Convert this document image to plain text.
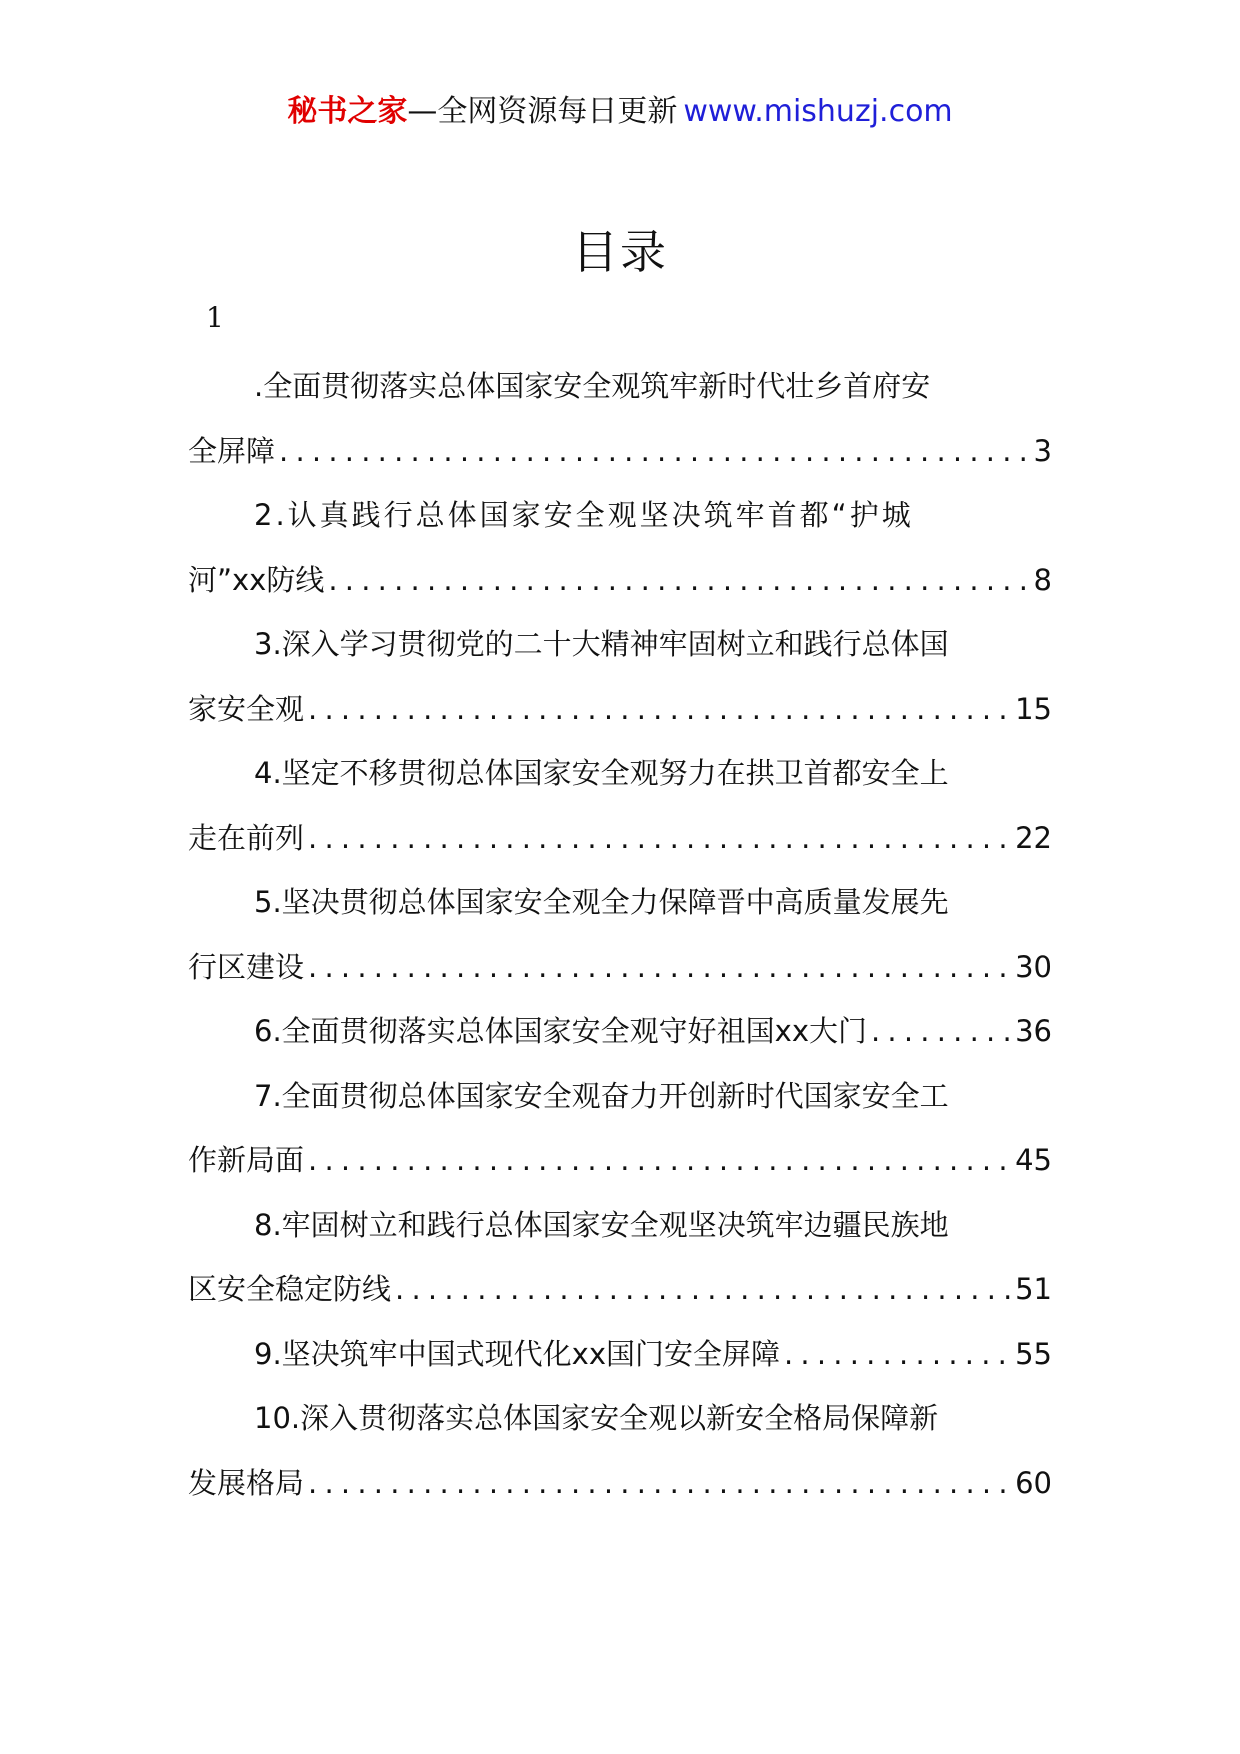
秘书之家—全网资源每日更新 www.mishuzj.com
目录
1
.全面贯彻落实总体国家安全观筑牢新时代壮乡首府安
全屏障 . . .	3
2.认真践行总体国家安全观坚决筑牢首都“护城
河”xx防线 . . .	8
3.深入学习贯彻党的二十大精神牢固树立和践行总体国
家安全观 . . .	15
4.坚定不移贯彻总体国家安全观努力在拱卫首都安全上
走在前列 . . .	22
5.坚决贯彻总体国家安全观全力保障晋中高质量发展先
行区建设 . . .	30
6.全面贯彻落实总体国家安全观守好祖国xx大门 . . .	36
7.全面贯彻总体国家安全观奋力开创新时代国家安全工
作新局面 . . .	45
8.牢固树立和践行总体国家安全观坚决筑牢边疆民族地
区安全稳定防线 . . .	51
9.坚决筑牢中国式现代化xx国门安全屏障 . . .	55
10.深入贯彻落实总体国家安全观以新安全格局保障新
发展格局 . . .	60
